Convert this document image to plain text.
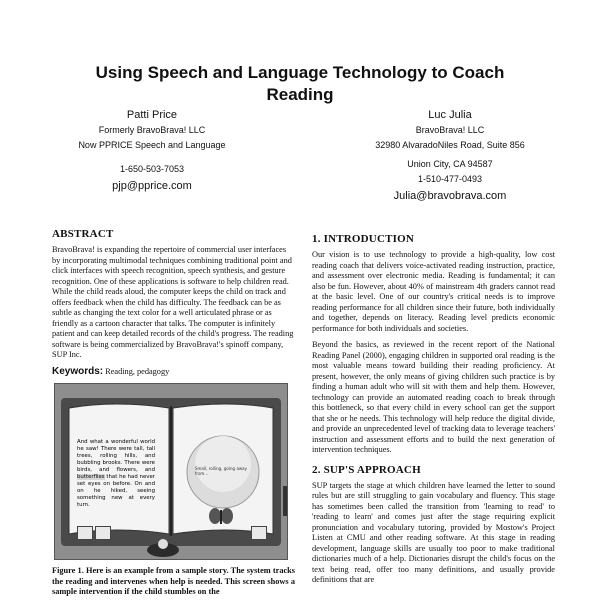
Using Speech and Language Technology to Coach
Reading
Patti Price
Formerly BravoBrava! LLC
Now PPRICE Speech and Language
1-650-503-7053
pjp@pprice.com
Luc Julia
BravoBrava! LLC
32980 AlvaradoNiles Road, Suite 856
Union City, CA 94587
1-510-477-0493
Julia@bravobrava.com
ABSTRACT

BravoBrava! is expanding the repertoire of commercial user interfaces by incorporating multimodal techniques combining traditional point and click interfaces with speech recognition, speech synthesis, and gesture recognition. One of these applications is software to help children read. While the child reads aloud, the computer keeps the child on track and offers feedback when the child has difficulty. The feedback can be as subtle as changing the text color for a well articulated phrase or as friendly as a cartoon character that talks. The computer is infinitely patient and can keep detailed records of the child's progress. The reading software is being commercialized by BravoBrava!'s spinoff company, SUP Inc.

Keywords: Reading, pedagogy
And what a wonderful world he saw! There were tall, tall trees, rolling hills, and bubbling brooks. There were birds, and flowers, and butterflies that he had never set eyes on before. On and on he hiked, seeing something new at every turn.
Small, rolling, going away from...
Figure 1. Here is an example from a sample story. The system tracks the reading and intervenes when help is needed. This screen shows a sample intervention if the child stumbles on the
1. INTRODUCTION

Our vision is to use technology to provide a high-quality, low cost reading coach that delivers voice-activated reading instruction, practice, and assessment over electronic media. Reading is fundamental; it can also be fun. However, about 40% of mainstream 4th graders cannot read at the basic level. One of our country's critical needs is to improve reading performance for all children since their future, both individually and together, depends on literacy. Reading level predicts economic performance for both individuals and societies.

Beyond the basics, as reviewed in the recent report of the National Reading Panel (2000), engaging children in supported oral reading is the most valuable means toward building their reading proficiency. At present, however, the only means of giving children such practice is by finding a human adult who will sit with them and help them. However, technology can provide an automated reading coach to break through this bottleneck, so that every child in every school can get the support that she or he needs. This technology will help reduce the digital divide, and provide an unprecedented level of tracking data to leverage teachers' instruction and assessment efforts and to build the next generation of intervention techniques.

2. SUP'S APPROACH

SUP targets the stage at which children have learned the letter to sound rules but are still struggling to gain vocabulary and fluency. This stage has sometimes been called the transition from 'learning to read' to 'reading to learn' and comes just after the stage requiring explicit pronunciation and vocabulary tutoring, provided by Mostow's Project Listen at CMU and other reading software. At this stage in reading development, language skills are usually too poor to make traditional dictionaries much of a help. Dictionaries disrupt the child's focus on the text being read, offer too many definitions, and usually provide definitions that are
